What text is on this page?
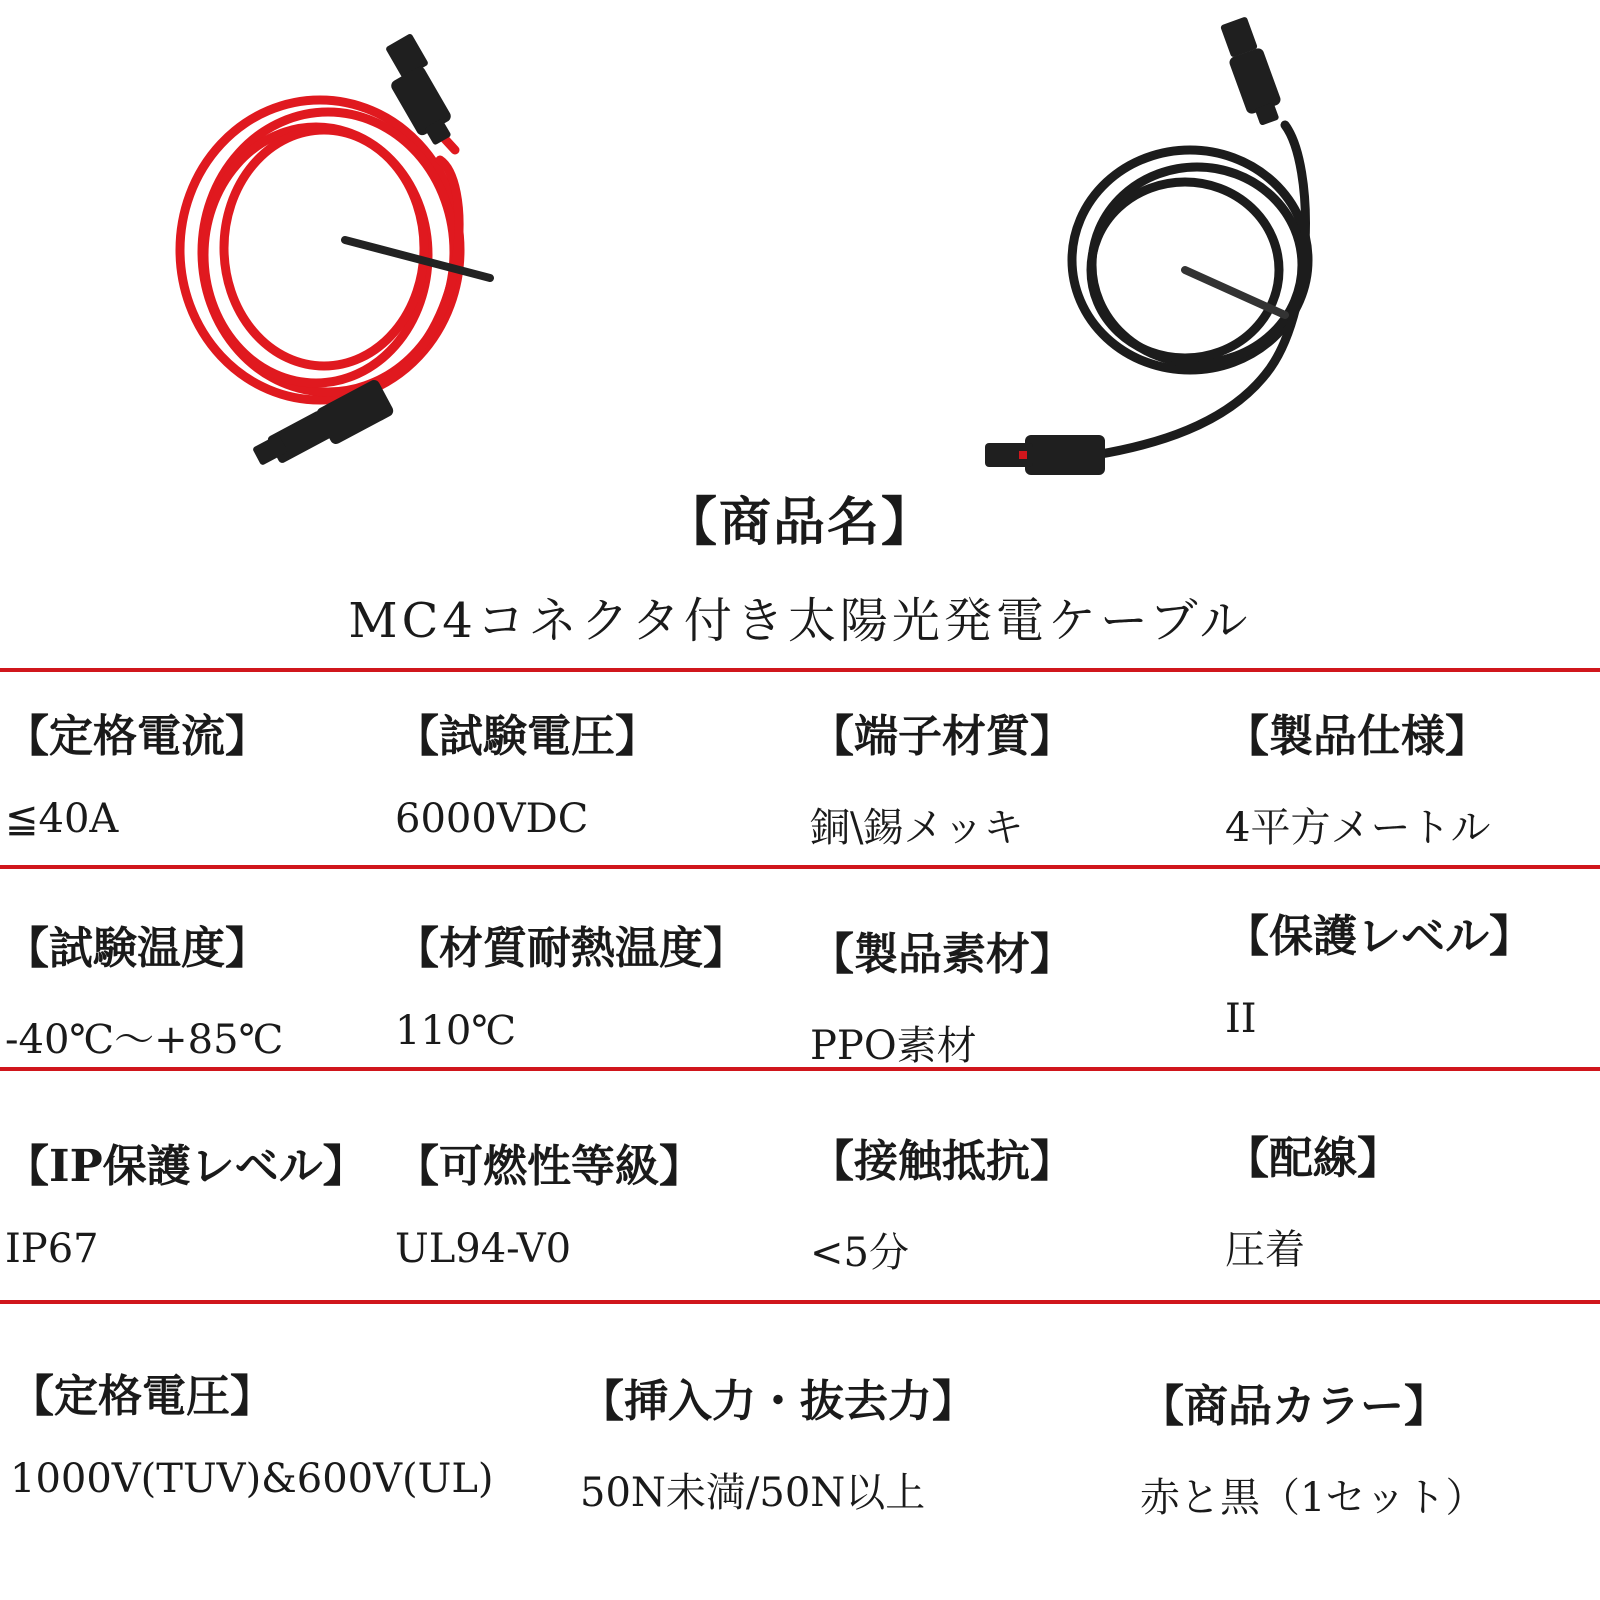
【商品名】
MC4コネクタ付き太陽光発電ケーブル
【定格電流】
≦40A
【試験電圧】
6000VDC
【端子材質】
銅\錫メッキ
【製品仕様】
4平方メートル
【試験温度】
-40℃～+85℃
【材質耐熱温度】
110℃
【製品素材】
PPO素材
【保護レベル】
II
【IP保護レベル】
IP67
【可燃性等級】
UL94-V0
【接触抵抗】
<5分
【配線】
圧着
【定格電圧】
1000V(TUV)&600V(UL)
【挿入力・抜去力】
50N未満/50N以上
【商品カラー】
赤と黒（1セット）
